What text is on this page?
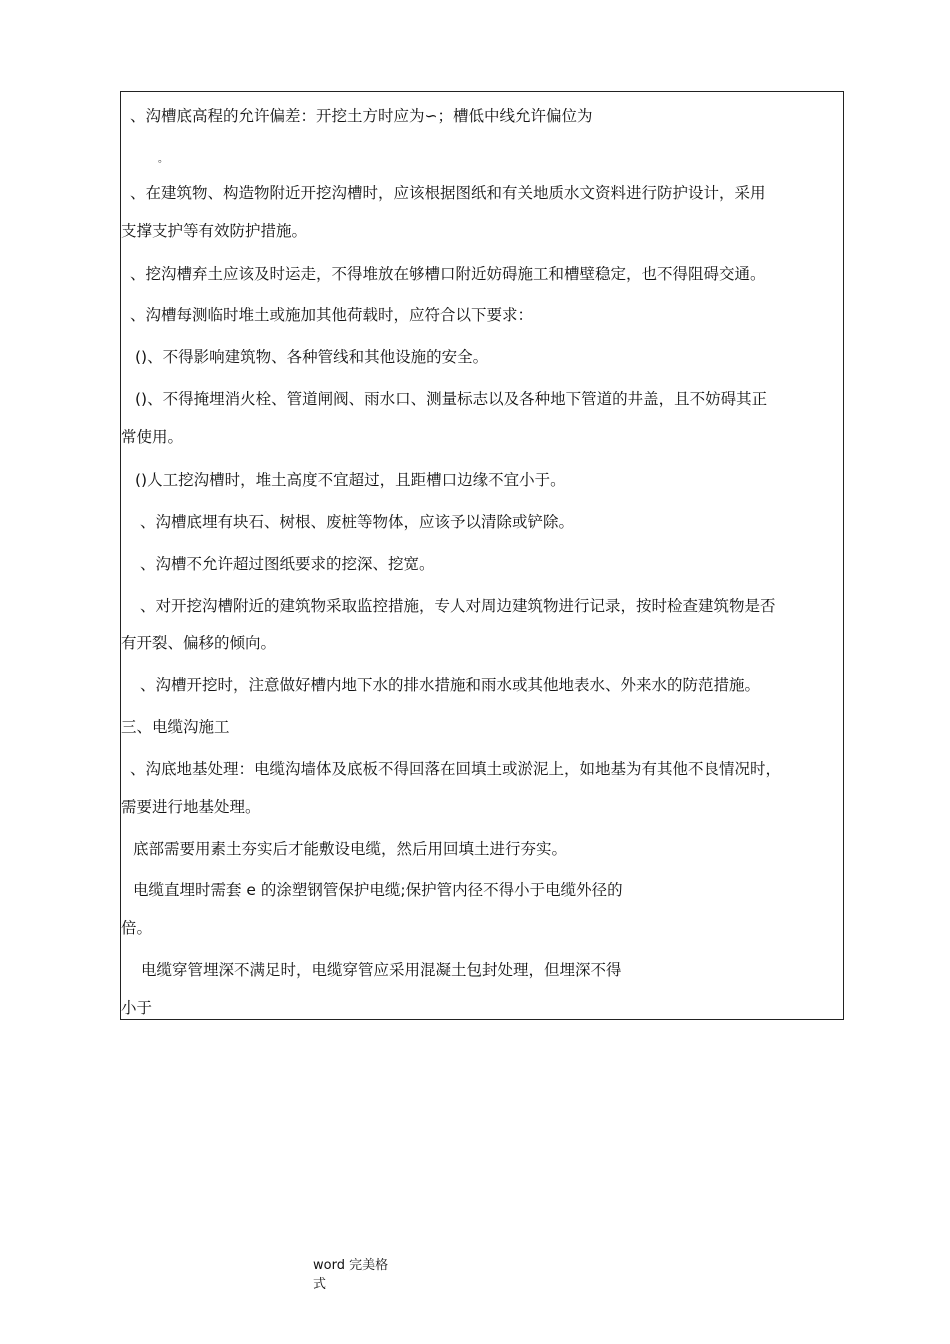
、沟槽底高程的允许偏差：开挖土方时应为∽；槽低中线允许偏位为
。
、在建筑物、构造物附近开挖沟槽时，应该根据图纸和有关地质水文资料进行防护设计，采用
支撑支护等有效防护措施。
、挖沟槽弃土应该及时运走，不得堆放在够槽口附近妨碍施工和槽壁稳定，也不得阻碍交通。
、沟槽每测临时堆土或施加其他荷载时，应符合以下要求：
()、不得影响建筑物、各种管线和其他设施的安全。
()、不得掩埋消火栓、管道闸阀、雨水口、测量标志以及各种地下管道的井盖，且不妨碍其正
常使用。
()人工挖沟槽时，堆土高度不宜超过，且距槽口边缘不宜小于。
、沟槽底埋有块石、树根、废桩等物体，应该予以清除或铲除。
、沟槽不允许超过图纸要求的挖深、挖宽。
、对开挖沟槽附近的建筑物采取监控措施，专人对周边建筑物进行记录，按时检查建筑物是否
有开裂、偏移的倾向。
、沟槽开挖时，注意做好槽内地下水的排水措施和雨水或其他地表水、外来水的防范措施。
三、电缆沟施工
、沟底地基处理：电缆沟墙体及底板不得回落在回填土或淤泥上，如地基为有其他不良情况时，
需要进行地基处理。
底部需要用素土夯实后才能敷设电缆，然后用回填土进行夯实。
电缆直埋时需套 e 的涂塑钢管保护电缆;保护管内径不得小于电缆外径的
倍。
电缆穿管埋深不满足时，电缆穿管应采用混凝土包封处理，但埋深不得
小于
word 完美格
式
